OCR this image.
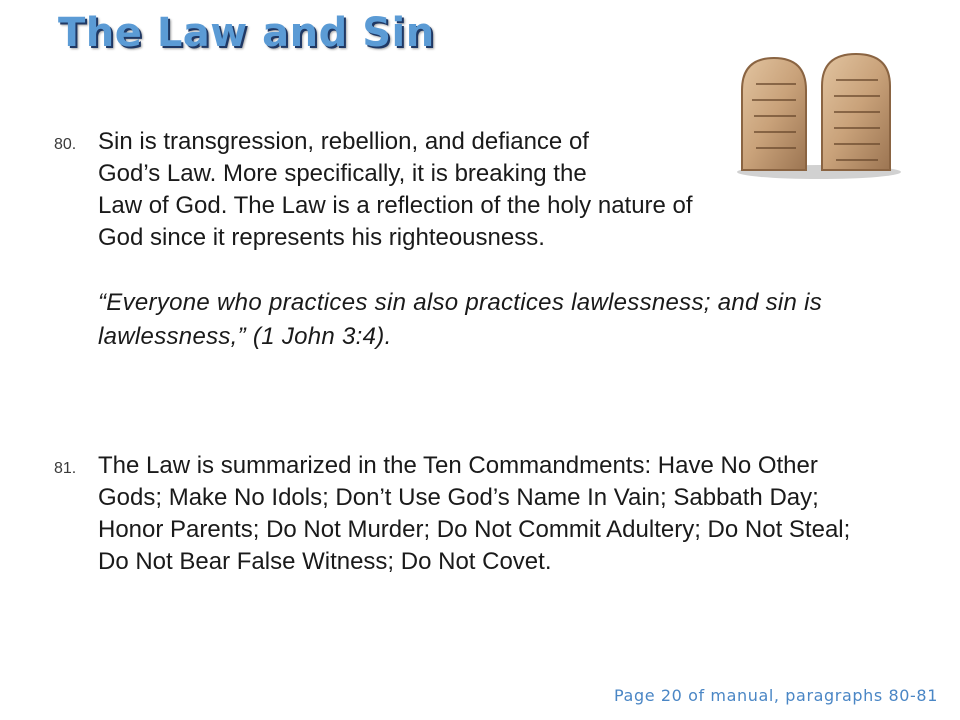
The Law and Sin
80. Sin is transgression, rebellion, and defiance of
God’s Law. More specifically, it is breaking the
Law of God. The Law is a reflection of the holy nature of
God since it represents his righteousness.
“Everyone who practices sin also practices lawlessness; and sin is lawlessness,” (1 John 3:4).
81. The Law is summarized in the Ten Commandments: Have No Other Gods; Make No Idols; Don’t Use God’s Name In Vain; Sabbath Day; Honor Parents; Do Not Murder; Do Not Commit Adultery; Do Not Steal; Do Not Bear False Witness; Do Not Covet.
Page 20 of manual, paragraphs 80-81
